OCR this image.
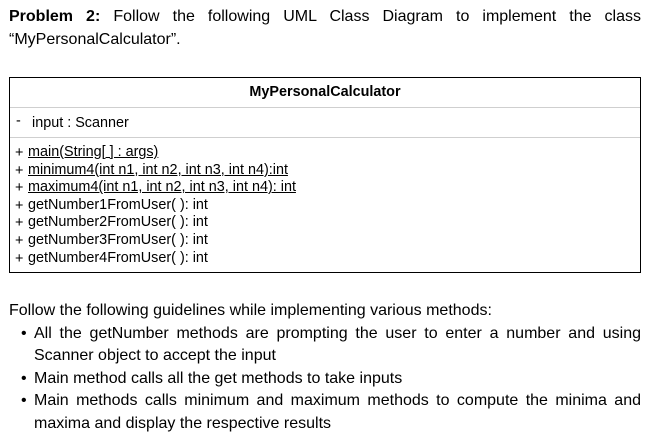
Problem 2: Follow the following UML Class Diagram to implement the class “MyPersonalCalculator”.
MyPersonalCalculator
- input : Scanner
+ main(String[ ] : args)
+ minimum4(int n1, int n2, int n3, int n4):int
+ maximum4(int n1, int n2, int n3, int n4): int
+ getNumber1FromUser( ): int
+ getNumber2FromUser( ): int
+ getNumber3FromUser( ): int
+ getNumber4FromUser( ): int

Follow the following guidelines while implementing various methods:

• All the getNumber methods are prompting the user to enter a number and using Scanner object to accept the input
• Main method calls all the get methods to take inputs
• Main methods calls minimum and maximum methods to compute the minima and maxima and display the respective results
